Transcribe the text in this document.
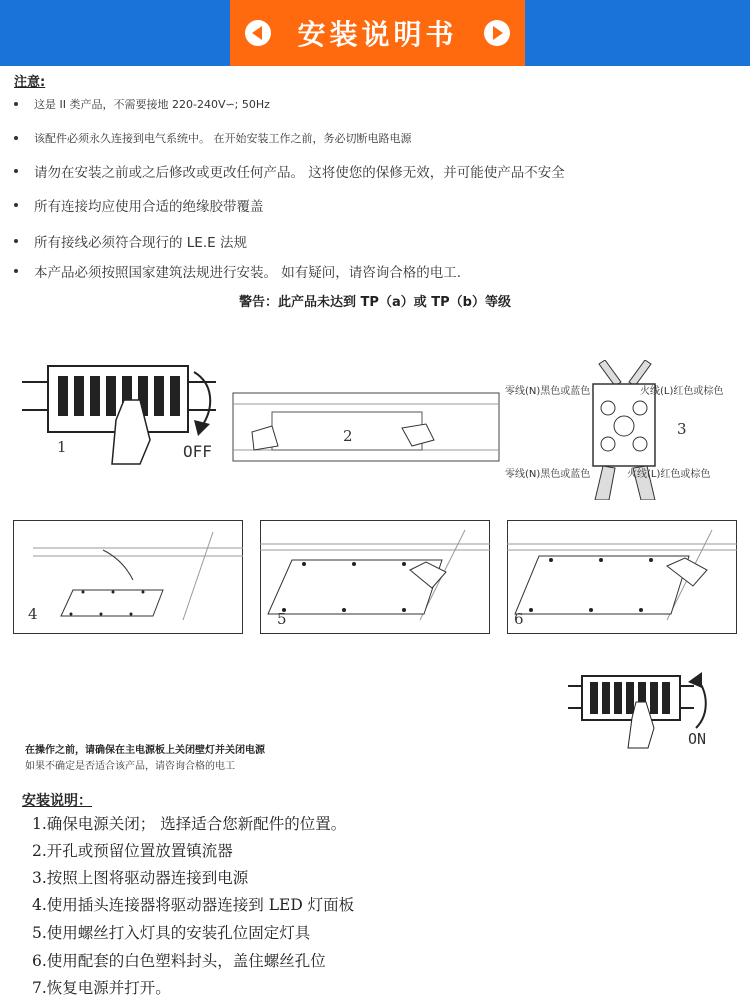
安装说明书
注意:
这是 II 类产品，不需要接地 220-240V∽; 50Hz
该配件必须永久连接到电气系统中。 在开始安装工作之前，务必切断电路电源
请勿在安装之前或之后修改或更改任何产品。 这将使您的保修无效，并可能使产品不安全
所有连接均应使用合适的绝缘胶带覆盖
所有接线必须符合现行的 LE.E 法规
本产品必须按照国家建筑法规进行安装。 如有疑问，请咨询合格的电工.
警告：此产品未达到 TP（a）或 TP（b）等级
1	OFF
2
零线(N)黑色或蓝色	火线(L)红色或棕色
零线(N)黑色或蓝色	火线(L)红色或棕色
3
4	5	6
ON
在操作之前，请确保在主电源板上关闭壁灯并关闭电源
如果不确定是否适合该产品，请咨询合格的电工
安装说明：
1.确保电源关闭； 选择适合您新配件的位置。
2.开孔或预留位置放置镇流器
3.按照上图将驱动器连接到电源
4.使用插头连接器将驱动器连接到 LED 灯面板
5.使用螺丝打入灯具的安装孔位固定灯具
6.使用配套的白色塑料封头，盖住螺丝孔位
7.恢复电源并打开。
